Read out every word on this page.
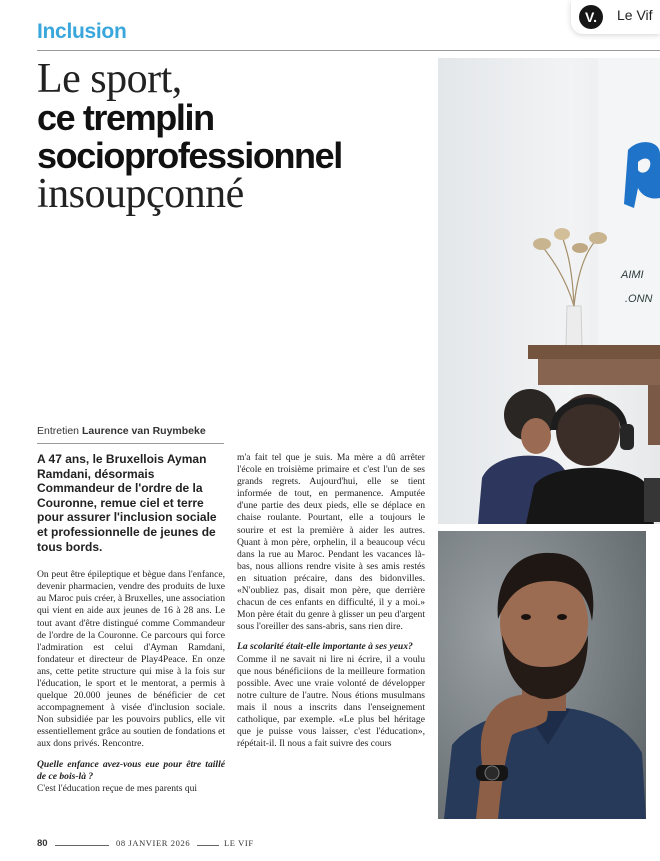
Inclusion
V.	Le Vif
Le sport,
ce tremplin
socioprofessionnel
insoupçonné
Entretien Laurence van Ruymbeke

A 47 ans, le Bruxellois Ayman Ramdani, désormais Commandeur de l'ordre de la Couronne, remue ciel et terre pour assurer l'inclusion sociale et professionnelle de jeunes de tous bords.

On peut être épileptique et bègue dans l'enfance, devenir pharmacien, vendre des produits de luxe au Maroc puis créer, à Bruxelles, une association qui vient en aide aux jeunes de 16 à 28 ans. Le tout avant d'être distingué comme Commandeur de l'ordre de la Couronne. Ce parcours qui force l'admiration est celui d'Ayman Ramdani, fondateur et directeur de Play4Peace. En onze ans, cette petite structure qui mise à la fois sur l'éducation, le sport et le mentorat, a permis à quelque 20.000 jeunes de bénéficier de cet accompagnement à visée d'inclusion sociale. Non subsidiée par les pouvoirs publics, elle vit essentiellement grâce au soutien de fondations et aux dons privés. Rencontre.

Quelle enfance avez-vous eue pour être taillé de ce bois-là ?

C'est l'éducation reçue de mes parents qui

m'a fait tel que je suis. Ma mère a dû arrêter l'école en troisième primaire et c'est l'un de ses grands regrets. Aujourd'hui, elle se tient informée de tout, en permanence. Amputée d'une partie des deux pieds, elle se déplace en chaise roulante. Pourtant, elle a toujours le sourire et est la première à aider les autres. Quant à mon père, orphelin, il a beaucoup vécu dans la rue au Maroc. Pendant les vacances là-bas, nous allions rendre visite à ses amis restés en situation précaire, dans des bidonvilles. «N'oubliez pas, disait mon père, que derrière chacun de ces enfants en difficulté, il y a moi.» Mon père était du genre à glisser un peu d'argent sous l'oreiller des sans-abris, sans rien dire.

La scolarité était-elle importante à ses yeux?

Comme il ne savait ni lire ni écrire, il a voulu que nous bénéficiions de la meilleure formation possible. Avec une vraie volonté de développer notre culture de l'autre. Nous étions musulmans mais il nous a inscrits dans l'enseignement catholique, par exemple. «Le plus bel héritage que je puisse vous laisser, c'est l'éducation», répétait-il. Il nous a fait suivre des cours

80	08 JANVIER 2026	LE VIF
AIMI
.ONN
